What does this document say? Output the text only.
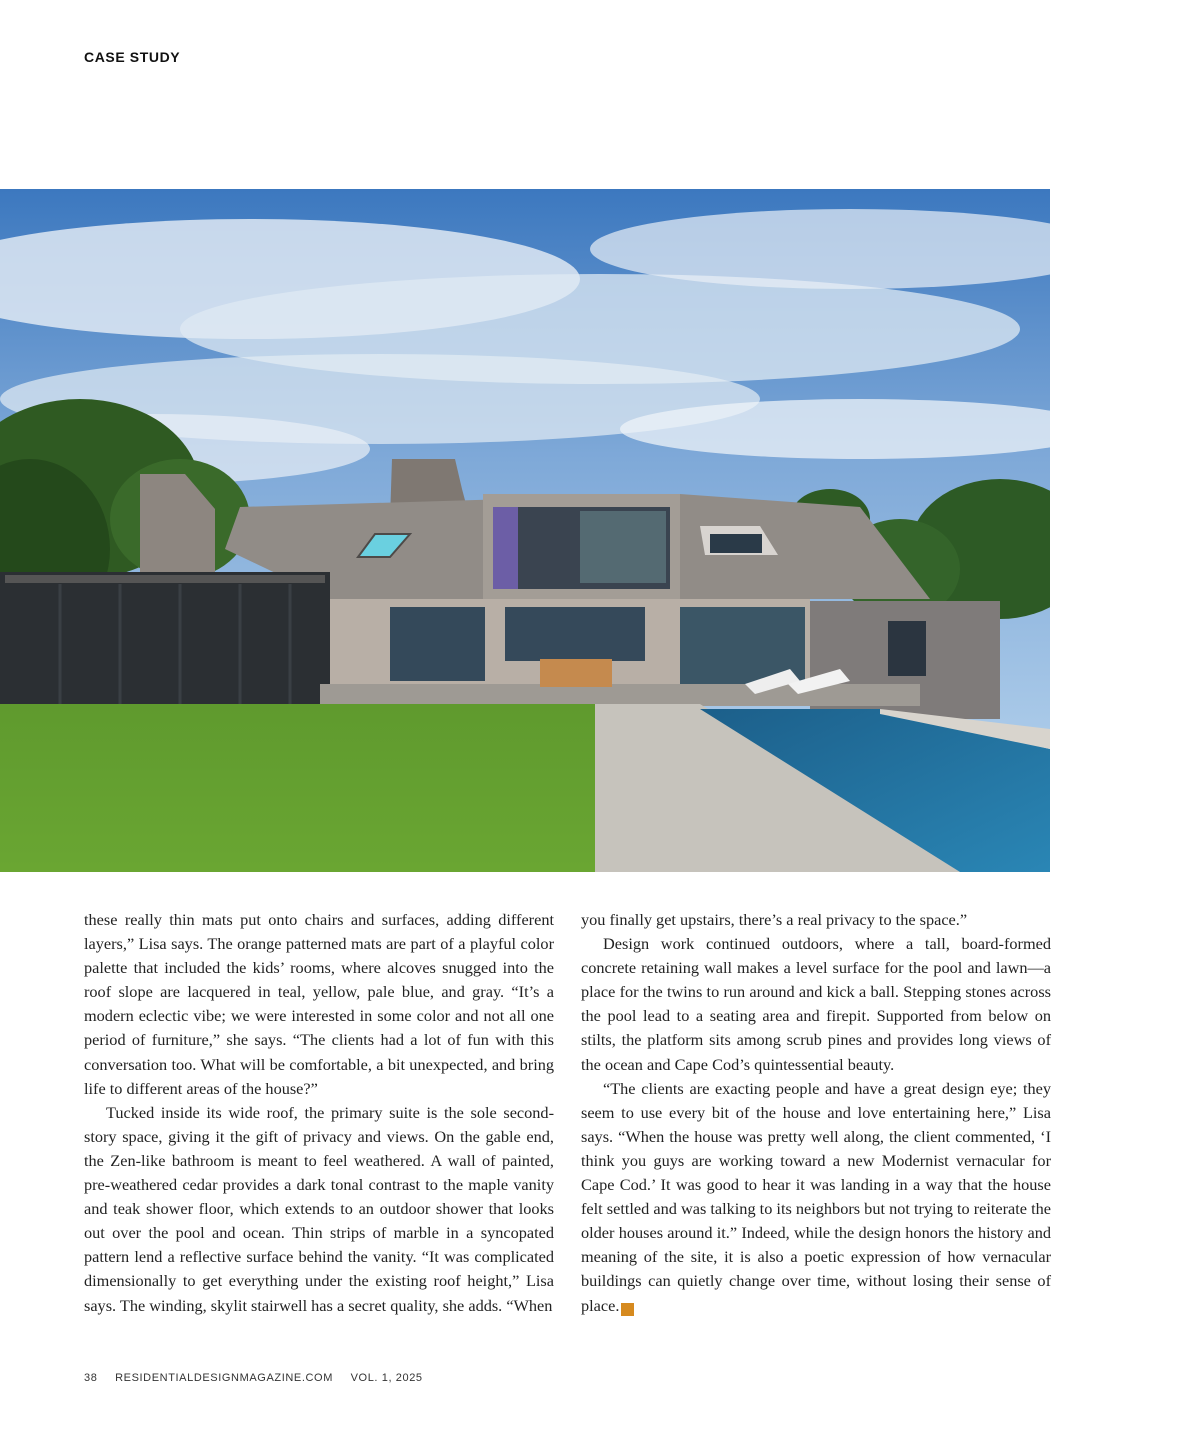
CASE STUDY

these really thin mats put onto chairs and surfaces, adding different layers,” Lisa says. The orange patterned mats are part of a playful color palette that included the kids’ rooms, where alcoves snugged into the roof slope are lacquered in teal, yellow, pale blue, and gray. “It’s a modern eclectic vibe; we were interested in some color and not all one period of furniture,” she says. “The clients had a lot of fun with this conversation too. What will be comfortable, a bit unexpected, and bring life to different areas of the house?”

Tucked inside its wide roof, the primary suite is the sole second-story space, giving it the gift of privacy and views. On the gable end, the Zen-like bathroom is meant to feel weathered. A wall of painted, pre-weathered cedar provides a dark tonal contrast to the maple vanity and teak shower floor, which extends to an outdoor shower that looks out over the pool and ocean. Thin strips of marble in a syncopated pattern lend a reflective surface behind the vanity. “It was complicated dimensionally to get everything under the existing roof height,” Lisa says. The winding, skylit stairwell has a secret quality, she adds. “When

you finally get upstairs, there’s a real privacy to the space.”

Design work continued outdoors, where a tall, board-formed concrete retaining wall makes a level surface for the pool and lawn—a place for the twins to run around and kick a ball. Stepping stones across the pool lead to a seating area and firepit. Supported from below on stilts, the platform sits among scrub pines and provides long views of the ocean and Cape Cod’s quintessential beauty.

“The clients are exacting people and have a great design eye; they seem to use every bit of the house and love entertaining here,” Lisa says. “When the house was pretty well along, the client commented, ‘I think you guys are working toward a new Modernist vernacular for Cape Cod.’ It was good to hear it was landing in a way that the house felt settled and was talking to its neighbors but not trying to reiterate the older houses around it.” Indeed, while the design honors the history and meaning of the site, it is also a poetic expression of how vernacular buildings can quietly change over time, without losing their sense of place.	RD

38 RESIDENTIALDESIGNMAGAZINE.COM VOL. 1, 2025
